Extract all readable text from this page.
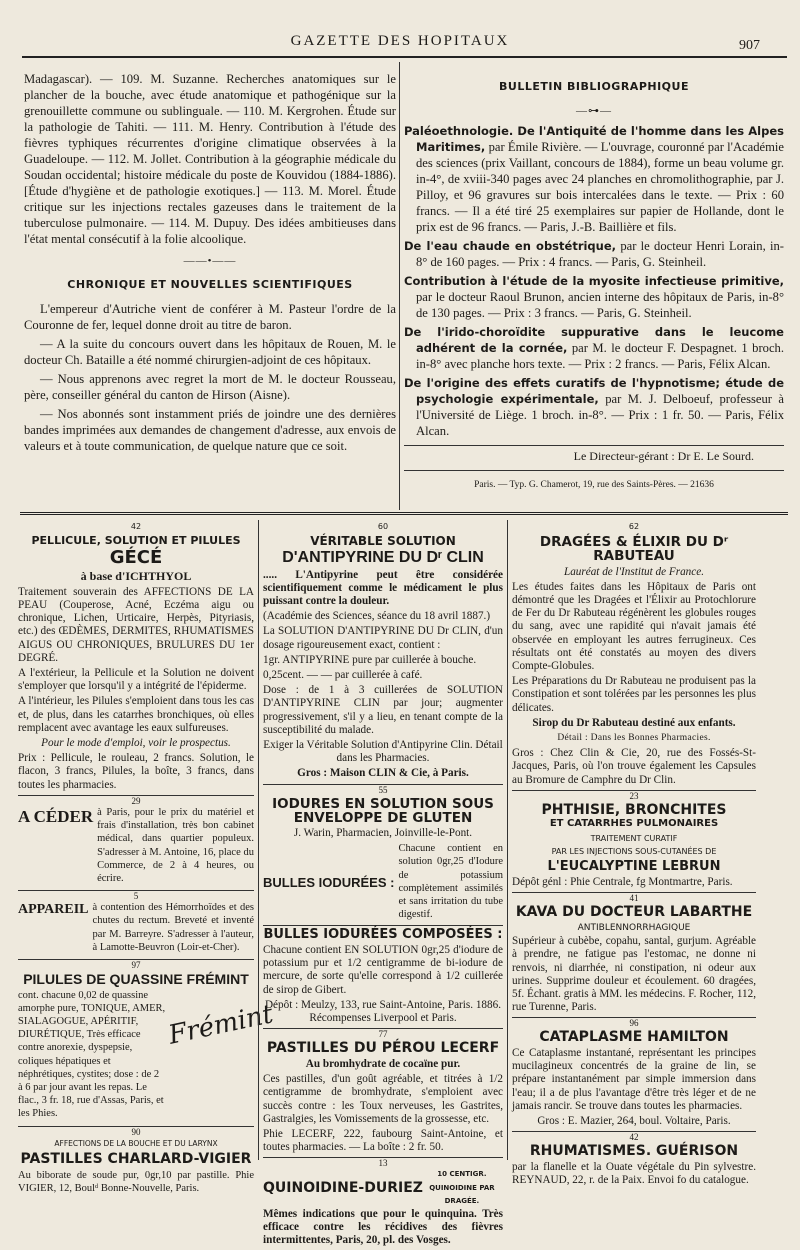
GAZETTE DES HOPITAUX	907

Madagascar). — 109. M. Suzanne. Recherches anatomiques sur le plancher de la bouche, avec étude anatomique et pathogénique sur la grenouillette commune ou sublinguale. — 110. M. Kergrohen. Étude sur la pathologie de Tahiti. — 111. M. Henry. Contribution à l'étude des fièvres typhiques récurrentes d'origine climatique observées à la Guadeloupe. — 112. M. Jollet. Contribution à la géographie médicale du Soudan occidental; histoire médicale du poste de Kouvidou (1884-1886). [Étude d'hygiène et de pathologie exotiques.] — 113. M. Morel. Étude critique sur les injections rectales gazeuses dans le traitement de la tuberculose pulmonaire. — 114. M. Dupuy. Des idées ambitieuses dans l'état mental consécutif à la folie alcoolique.

——•——
CHRONIQUE ET NOUVELLES SCIENTIFIQUES

L'empereur d'Autriche vient de conférer à M. Pasteur l'ordre de la Couronne de fer, lequel donne droit au titre de baron.

— A la suite du concours ouvert dans les hôpitaux de Rouen, M. le docteur Ch. Bataille a été nommé chirurgien-adjoint de ces hôpitaux.

— Nous apprenons avec regret la mort de M. le docteur Rousseau, père, conseiller général du canton de Hirson (Aisne).

— Nos abonnés sont instamment priés de joindre une des dernières bandes imprimées aux demandes de changement d'adresse, aux envois de valeurs et à toute communication, de quelque nature que ce soit.

BULLETIN BIBLIOGRAPHIQUE
—⊶—

Paléoethnologie. De l'Antiquité de l'homme dans les Alpes Maritimes, par Émile Rivière. — L'ouvrage, couronné par l'Académie des sciences (prix Vaillant, concours de 1884), forme un beau volume gr. in-4°, de xviii-340 pages avec 24 planches en chromolithographie, par J. Pilloy, et 96 gravures sur bois intercalées dans le texte. — Prix : 60 francs. — Il a été tiré 25 exemplaires sur papier de Hollande, dont le prix est de 96 francs. — Paris, J.-B. Baillière et fils.

De l'eau chaude en obstétrique, par le docteur Henri Lorain, in-8° de 160 pages. — Prix : 4 francs. — Paris, G. Steinheil.

Contribution à l'étude de la myosite infectieuse primitive, par le docteur Raoul Brunon, ancien interne des hôpitaux de Paris, in-8° de 130 pages. — Prix : 3 francs. — Paris, G. Steinheil.

De l'irido-choroïdite suppurative dans le leucome adhérent de la cornée, par M. le docteur F. Despagnet. 1 broch. in-8° avec planche hors texte. — Prix : 2 francs. — Paris, Félix Alcan.

De l'origine des effets curatifs de l'hypnotisme; étude de psychologie expérimentale, par M. J. Delboeuf, professeur à l'Université de Liège. 1 broch. in-8°. — Prix : 1 fr. 50. — Paris, Félix Alcan.

Le Directeur-gérant : Dr E. Le Sourd.
Paris. — Typ. G. Chamerot, 19, rue des Saints-Pères. — 21636
42
PELLICULE, SOLUTION ET PILULES
GÉCÉ
à base d'ICHTHYOL

Traitement souverain des AFFECTIONS DE LA PEAU (Couperose, Acné, Eczéma aigu ou chronique, Lichen, Urticaire, Herpès, Pityriasis, etc.) des ŒDÈMES, DERMITES, RHUMATISMES AIGUS OU CHRONIQUES, BRULURES DU 1er DEGRÉ.

A l'extérieur, la Pellicule et la Solution ne doivent s'employer que lorsqu'il y a intégrité de l'épiderme.

A l'intérieur, les Pilules s'emploient dans tous les cas et, de plus, dans les catarrhes bronchiques, où elles remplacent avec avantage les eaux sulfureuses.

Pour le mode d'emploi, voir le prospectus.

Prix : Pellicule, le rouleau, 2 francs. Solution, le flacon, 3 francs, Pilules, la boîte, 3 francs, dans toutes les pharmacies.

29
A CÉDER à Paris, pour le prix du matériel et frais d'installation, très bon cabinet médical, dans quartier populeux. S'adresser à M. Antoine, 16, place du Commerce, de 2 à 4 heures, ou écrire.

5
APPAREIL à contention des Hémorrhoïdes et des chutes du rectum. Breveté et inventé par M. Barreyre. S'adresser à l'auteur, à Lamotte-Beuvron (Loir-et-Cher).

97
PILULES DE QUASSINE FRÉMINT

cont. chacune 0,02 de quassine amorphe pure, TONIQUE, AMER, SIALAGOGUE, APÉRITIF, DIURÉTIQUE, Très efficace contre anorexie, dyspepsie, coliques hépatiques et néphrétiques, cystites; dose : de 2 à 6 par jour avant les repas. Le flac., 3 fr. 18, rue d'Assas, Paris, et les Phies.

Frémint
90
AFFECTIONS DE LA BOUCHE ET DU LARYNX
PASTILLES CHARLARD-VIGIER

Au biborate de soude pur, 0gr,10 par pastille. Phie VIGIER, 12, Boulᵈ Bonne-Nouvelle, Paris.

60
VÉRITABLE SOLUTION
D'ANTIPYRINE DU Dʳ CLIN

..... L'Antipyrine peut être considérée scientifiquement comme le médicament le plus puissant contre la douleur.

(Académie des Sciences, séance du 18 avril 1887.)

La SOLUTION D'ANTIPYRINE DU Dr CLIN, d'un dosage rigoureusement exact, contient :

1gr. ANTIPYRINE pure par cuillerée à bouche.

0,25cent. — — par cuillerée à café.

Dose : de 1 à 3 cuillerées de SOLUTION D'ANTIPYRINE CLIN par jour; augmenter progressivement, s'il y a lieu, en tenant compte de la susceptibilité du malade.

Exiger la Véritable Solution d'Antipyrine Clin. Détail dans les Pharmacies.

Gros : Maison CLIN & Cie, à Paris.

55
IODURES EN SOLUTION SOUS ENVELOPPE DE GLUTEN

J. Warin, Pharmacien, Joinville-le-Pont.

BULLES IODURÉES :

Chacune contient en solution 0gr,25 d'Iodure de potassium complètement assimilés et sans irritation du tube digestif.

BULLES IODURÉES COMPOSÉES :

Chacune contient EN SOLUTION 0gr,25 d'iodure de potassium pur et 1/2 centigramme de bi-iodure de mercure, de sorte qu'elle correspond à 1/2 cuillerée de sirop de Gibert.

Dépôt : Meulzy, 133, rue Saint-Antoine, Paris. 1886. Récompenses Liverpool et Paris.

77
PASTILLES DU PÉROU LECERF

Au bromhydrate de cocaïne pur.

Ces pastilles, d'un goût agréable, et titrées à 1/2 centigramme de bromhydrate, s'emploient avec succès contre : les Toux nerveuses, les Gastrites, Gastralgies, les Vomissements de la grossesse, etc.

Phie LECERF, 222, faubourg Saint-Antoine, et toutes pharmacies. — La boîte : 2 fr. 50.

13
QUINOIDINE-DURIEZ
10 CENTIGR. QUINOIDINE PAR DRAGÉE.

Mêmes indications que pour le quinquina. Très efficace contre les récidives des fièvres intermittentes, Paris, 20, pl. des Vosges.

62
DRAGÉES & ÉLIXIR DU Dʳ RABUTEAU

Lauréat de l'Institut de France.

Les études faites dans les Hôpitaux de Paris ont démontré que les Dragées et l'Élixir au Protochlorure de Fer du Dr Rabuteau régénèrent les globules rouges du sang, avec une rapidité qui n'avait jamais été observée en employant les autres ferrugineux. Ces résultats ont été constatés au moyen des divers Compte-Globules.

Les Préparations du Dr Rabuteau ne produisent pas la Constipation et sont tolérées par les personnes les plus délicates.

Sirop du Dr Rabuteau destiné aux enfants.

Détail : Dans les Bonnes Pharmacies.

Gros : Chez Clin & Cie, 20, rue des Fossés-St-Jacques, Paris, où l'on trouve également les Capsules au Bromure de Camphre du Dr Clin.

23
PHTHISIE, BRONCHITES
ET CATARRHES PULMONAIRES
TRAITEMENT CURATIF
PAR LES INJECTIONS SOUS-CUTANÉES DE
L'EUCALYPTINE LEBRUN

Dépôt génl : Phie Centrale, fg Montmartre, Paris.

41
KAVA DU DOCTEUR LABARTHE
ANTIBLENNORRHAGIQUE

Supérieur à cubèbe, copahu, santal, gurjum. Agréable à prendre, ne fatigue pas l'estomac, ne donne ni renvois, ni diarrhée, ni constipation, ni odeur aux urines. Supprime douleur et écoulement. 60 dragées, 5f. Échant. gratis à MM. les médecins. F. Rocher, 112, rue Turenne, Paris.

96
CATAPLASME HAMILTON

Ce Cataplasme instantané, représentant les principes mucilagineux concentrés de la graine de lin, se prépare instantanément par simple immersion dans l'eau; il a de plus l'avantage d'être très léger et de ne jamais rancir. Se trouve dans toutes les pharmacies.

Gros : E. Mazier, 264, boul. Voltaire, Paris.

42
RHUMATISMES. GUÉRISON

par la flanelle et la Ouate végétale du Pin sylvestre. REYNAUD, 22, r. de la Paix. Envoi fo du catalogue.
